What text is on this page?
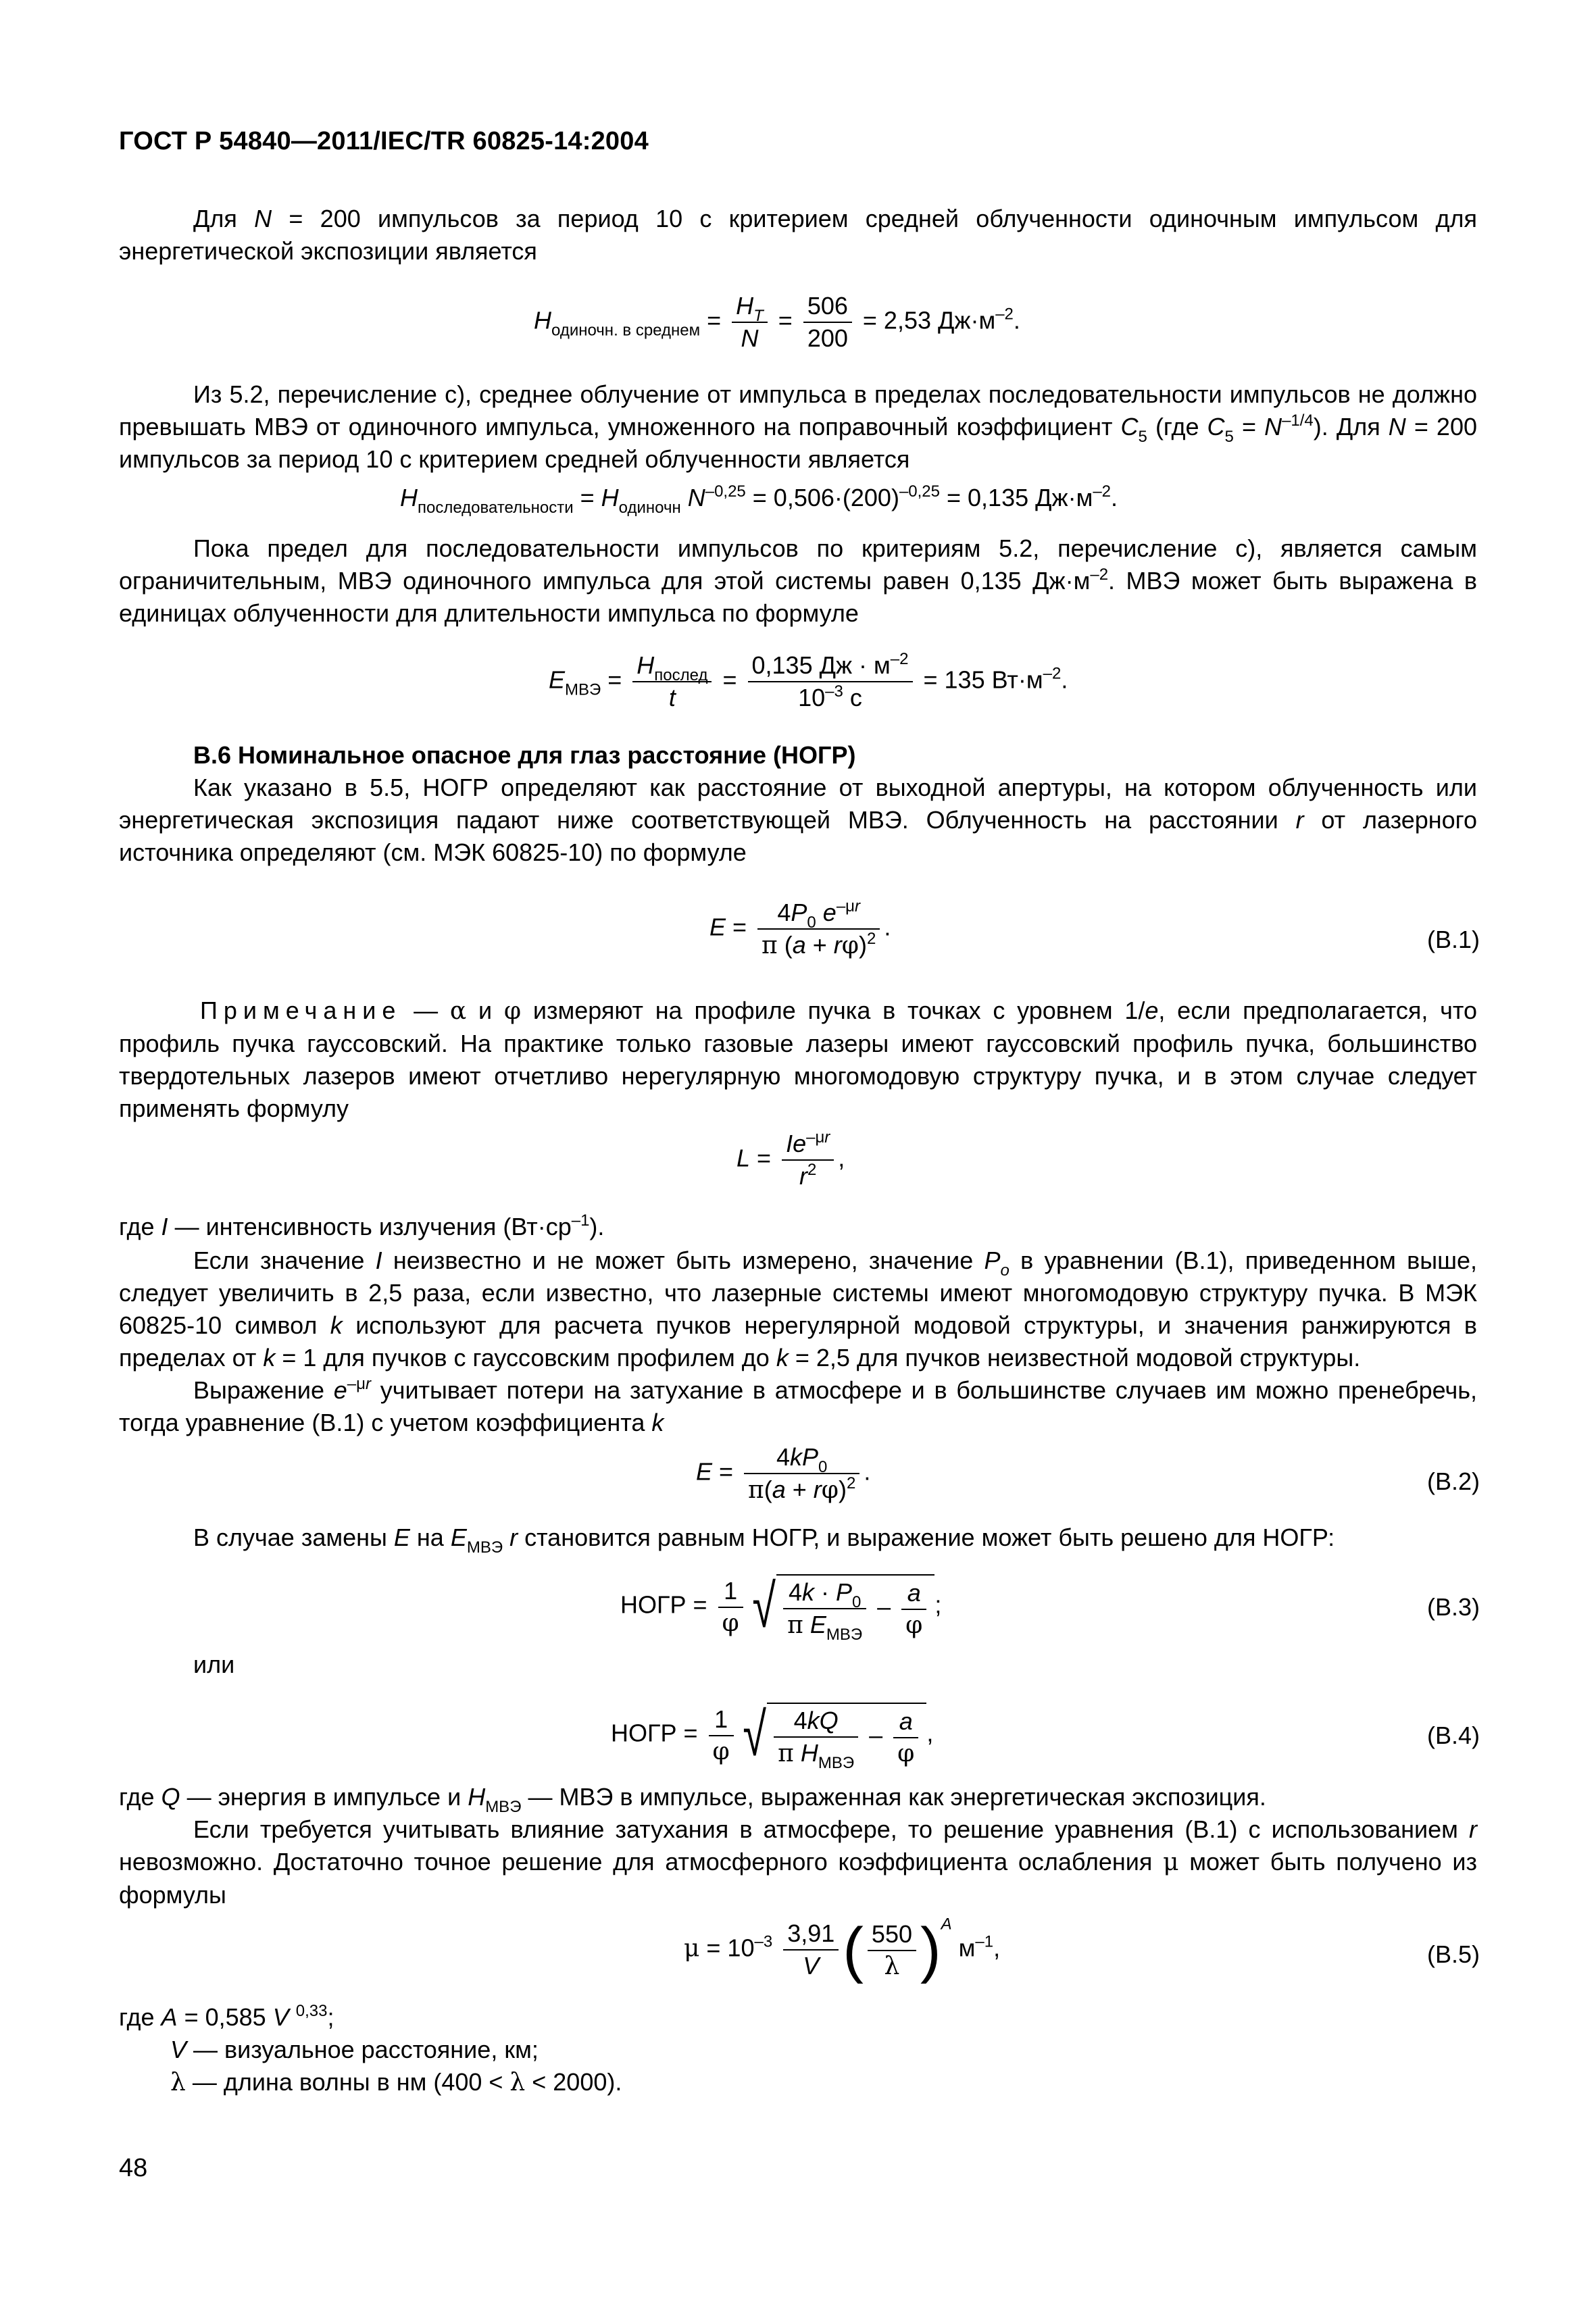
ГОСТ Р 54840—2011/IEC/TR 60825-14:2004

Для N = 200 импульсов за период 10 с критерием средней облученности одиночным импульсом для энергетической экспозиции является

$H_{одиночн. в среднем} = \frac{H_T}{N} = \frac{506}{200} = 2,53$ $Дж\cdot м^{-2}$.

Из 5.2, перечисление с), среднее облучение от импульса в пределах последовательности импульсов не должно превышать МВЭ от одиночного импульса, умноженного на поправочный коэффициент $C_5$ (где $C_5 = N^{-1/4}$). Для N = 200 импульсов за период 10 с критерием средней облученности является

$H_{последовательности} = H_{одиночн}$ $N^{-0,25} = 0,506\cdot(200)^{-0,25} = 0,135$ $Дж\cdot м^{-2}$.

Пока предел для последовательности импульсов по критериям 5.2, перечисление с), является самым ограничительным, МВЭ одиночного импульса для этой системы равен 0,135 $Дж\cdot м^{-2}$. МВЭ может быть выражена в единицах облученности для длительности импульса по формуле

$E_{МВЭ} = \frac{H_{послед}}{t} = \frac{0,135 Дж \cdot м^{-2}}{10^{-3} с} = 135$ $Вт\cdot м^{-2}$.

В.6 Номинальное опасное для глаз расстояние (НОГР)

Как указано в 5.5, НОГР определяют как расстояние от выходной апертуры, на котором облученность или энергетическая экспозиция падают ниже соответствующей МВЭ. Облученность на расстоянии r от лазерного источника определяют (см. МЭК 60825-10) по формуле

$E = \frac{4P_0 e^{-\mu r}}{\pi (a + r\varphi)^2}$ .	(В.1)

Примечание — α и φ измеряют на профиле пучка в точках с уровнем 1/e, если предполагается, что профиль пучка гауссовский. На практике только газовые лазеры имеют гауссовский профиль пучка, большинство твердотельных лазеров имеют отчетливо нерегулярную многомодовую структуру пучка, и в этом случае следует применять формулу

$L = \frac{Ie^{-\mu r}}{r^2}$ ,

где I — интенсивность излучения $(Вт\cdot ср^{-1})$.

Если значение I неизвестно и не может быть измерено, значение $P_o$ в уравнении (В.1), приведенном выше, следует увеличить в 2,5 раза, если известно, что лазерные системы имеют многомодовую структуру пучка. В МЭК 60825-10 символ k используют для расчета пучков нерегулярной модовой структуры, и значения ранжируются в пределах от k = 1 для пучков с гауссовским профилем до k = 2,5 для пучков неизвестной модовой структуры.

Выражение $e^{-\mu r}$ учитывает потери на затухание в атмосфере и в большинстве случаев им можно пренебречь, тогда уравнение (В.1) с учетом коэффициента k

$E = \frac{4kP_0}{\pi(a + r\varphi)^2}$ .	(В.2)

В случае замены E на $E_{МВЭ}$ r становится равным НОГР, и выражение может быть решено для НОГР:

НОГР = $\frac{1}{\varphi}$ √ $\frac{4k \cdot P_0}{\pi E_{МВЭ}} - \frac{a}{\varphi}$ ;	(В.3)
или
НОГР = $\frac{1}{\varphi}$ √ $\frac{4kQ}{\pi H_{МВЭ}} - \frac{a}{\varphi}$ ,	(В.4)

где Q — энергия в импульсе и $H_{МВЭ}$ — МВЭ в импульсе, выраженная как энергетическая экспозиция.

Если требуется учитывать влияние затухания в атмосфере, то решение уравнения (В.1) с использованием r невозможно. Достаточно точное решение для атмосферного коэффициента ослабления μ может быть получено из формулы

$\mu = 10^{-3} \frac{3,91}{V}$ ( $\frac{550}{\lambda} )^A$ $м^{-1}$,	(В.5)

где A = 0,585 V $^{0,33}$;

V — визуальное расстояние, км;

λ — длина волны в нм (400 < λ < 2000).

48
